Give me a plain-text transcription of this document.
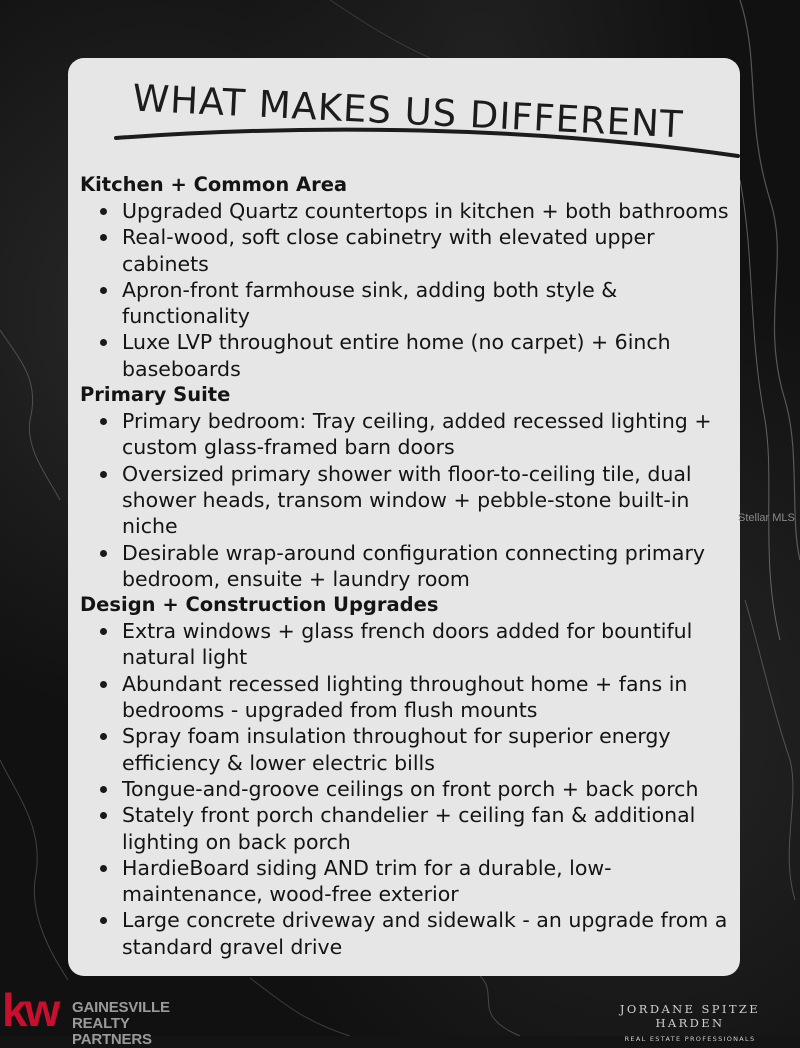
WHAT MAKES US DIFFERENT
Kitchen + Common Area
Upgraded Quartz countertops in kitchen + both bathrooms
Real-wood, soft close cabinetry with elevated upper cabinets
Apron-front farmhouse sink, adding both style & functionality
Luxe LVP throughout entire home (no carpet) + 6inch baseboards
Primary Suite
Primary bedroom: Tray ceiling, added recessed lighting + custom glass-framed barn doors
Oversized primary shower with floor-to-ceiling tile, dual shower heads, transom window + pebble-stone built-in niche
Desirable wrap-around configuration connecting primary bedroom, ensuite + laundry room
Design + Construction Upgrades
Extra windows + glass french doors added for bountiful natural light
Abundant recessed lighting throughout home + fans in bedrooms - upgraded from flush mounts
Spray foam insulation throughout for superior energy efficiency & lower electric bills
Tongue-and-groove ceilings on front porch + back porch
Stately front porch chandelier + ceiling fan & additional lighting on back porch
HardieBoard siding AND trim for a durable, low-maintenance, wood-free exterior
Large concrete driveway and sidewalk - an upgrade from a standard gravel drive
Stellar MLS
kw GAINESVILLE
REALTY PARTNERS
JORDANE SPITZE HARDEN
REAL ESTATE PROFESSIONALS
